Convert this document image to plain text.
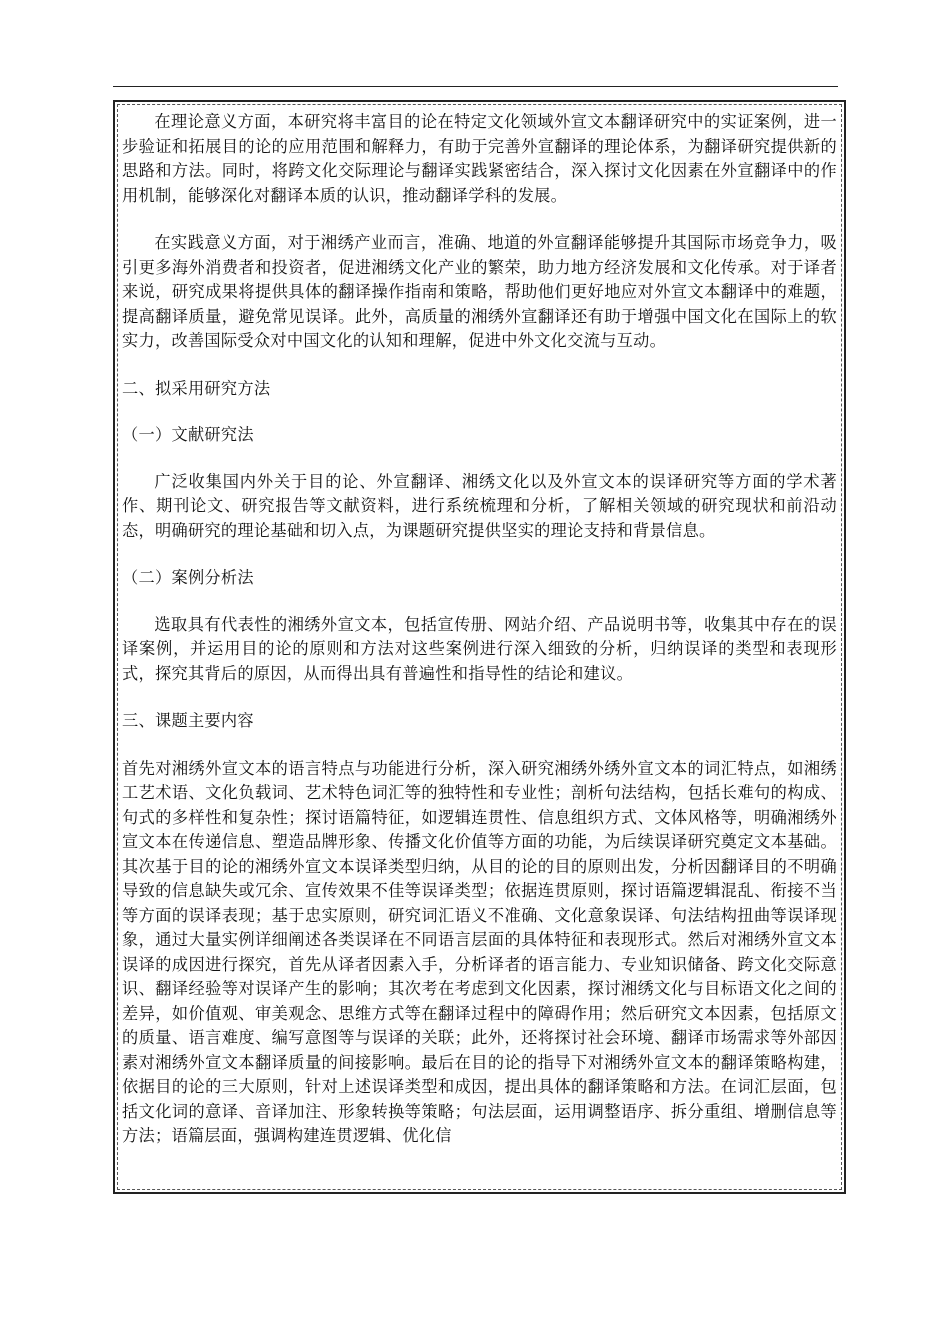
在理论意义方面，本研究将丰富目的论在特定文化领域外宣文本翻译研究中的实证案例，进一步验证和拓展目的论的应用范围和解释力，有助于完善外宣翻译的理论体系，为翻译研究提供新的思路和方法。同时，将跨文化交际理论与翻译实践紧密结合，深入探讨文化因素在外宣翻译中的作用机制，能够深化对翻译本质的认识，推动翻译学科的发展。

在实践意义方面，对于湘绣产业而言，准确、地道的外宣翻译能够提升其国际市场竞争力，吸引更多海外消费者和投资者，促进湘绣文化产业的繁荣，助力地方经济发展和文化传承。对于译者来说，研究成果将提供具体的翻译操作指南和策略，帮助他们更好地应对外宣文本翻译中的难题，提高翻译质量，避免常见误译。此外，高质量的湘绣外宣翻译还有助于增强中国文化在国际上的软实力，改善国际受众对中国文化的认知和理解，促进中外文化交流与互动。

二、拟采用研究方法

（一）文献研究法

广泛收集国内外关于目的论、外宣翻译、湘绣文化以及外宣文本的误译研究等方面的学术著作、期刊论文、研究报告等文献资料，进行系统梳理和分析，了解相关领域的研究现状和前沿动态，明确研究的理论基础和切入点，为课题研究提供坚实的理论支持和背景信息。

（二）案例分析法

选取具有代表性的湘绣外宣文本，包括宣传册、网站介绍、产品说明书等，收集其中存在的误译案例，并运用目的论的原则和方法对这些案例进行深入细致的分析，归纳误译的类型和表现形式，探究其背后的原因，从而得出具有普遍性和指导性的结论和建议。

三、课题主要内容

首先对湘绣外宣文本的语言特点与功能进行分析，深入研究湘绣外绣外宣文本的词汇特点，如湘绣工艺术语、文化负载词、艺术特色词汇等的独特性和专业性；剖析句法结构，包括长难句的构成、句式的多样性和复杂性；探讨语篇特征，如逻辑连贯性、信息组织方式、文体风格等，明确湘绣外宣文本在传递信息、塑造品牌形象、传播文化价值等方面的功能，为后续误译研究奠定文本基础。其次基于目的论的湘绣外宣文本误译类型归纳，从目的论的目的原则出发，分析因翻译目的不明确导致的信息缺失或冗余、宣传效果不佳等误译类型；依据连贯原则，探讨语篇逻辑混乱、衔接不当等方面的误译表现；基于忠实原则，研究词汇语义不准确、文化意象误译、句法结构扭曲等误译现象，通过大量实例详细阐述各类误译在不同语言层面的具体特征和表现形式。然后对湘绣外宣文本误译的成因进行探究，首先从译者因素入手，分析译者的语言能力、专业知识储备、跨文化交际意识、翻译经验等对误译产生的影响；其次考在考虑到文化因素，探讨湘绣文化与目标语文化之间的差异，如价值观、审美观念、思维方式等在翻译过程中的障碍作用；然后研究文本因素，包括原文的质量、语言难度、编写意图等与误译的关联；此外，还将探讨社会环境、翻译市场需求等外部因素对湘绣外宣文本翻译质量的间接影响。最后在目的论的指导下对湘绣外宣文本的翻译策略构建，依据目的论的三大原则，针对上述误译类型和成因，提出具体的翻译策略和方法。在词汇层面，包括文化词的意译、音译加注、形象转换等策略；句法层面，运用调整语序、拆分重组、增删信息等方法；语篇层面，强调构建连贯逻辑、优化信
